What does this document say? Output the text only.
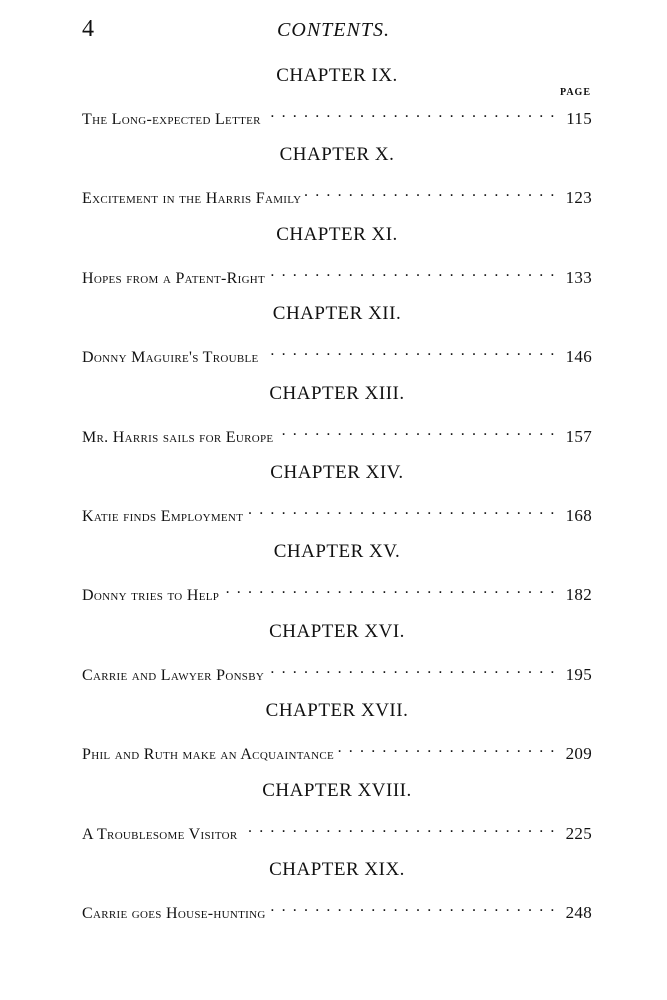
4	CONTENTS.
PAGE
CHAPTER IX.
The Long-expected Letter . . .	115
CHAPTER X.
Excitement in the Harris Family . . .	123
CHAPTER XI.
Hopes from a Patent-Right . . .	133
CHAPTER XII.
Donny Maguire's Trouble . . .	146
CHAPTER XIII.
Mr. Harris sails for Europe . . .	157
CHAPTER XIV.
Katie finds Employment . . .	168
CHAPTER XV.
Donny tries to Help . . .	182
CHAPTER XVI.
Carrie and Lawyer Ponsby . . .	195
CHAPTER XVII.
Phil and Ruth make an Acquaintance . . .	209
CHAPTER XVIII.
A Troublesome Visitor . . .	225
CHAPTER XIX.
Carrie goes House-hunting . . .	248
